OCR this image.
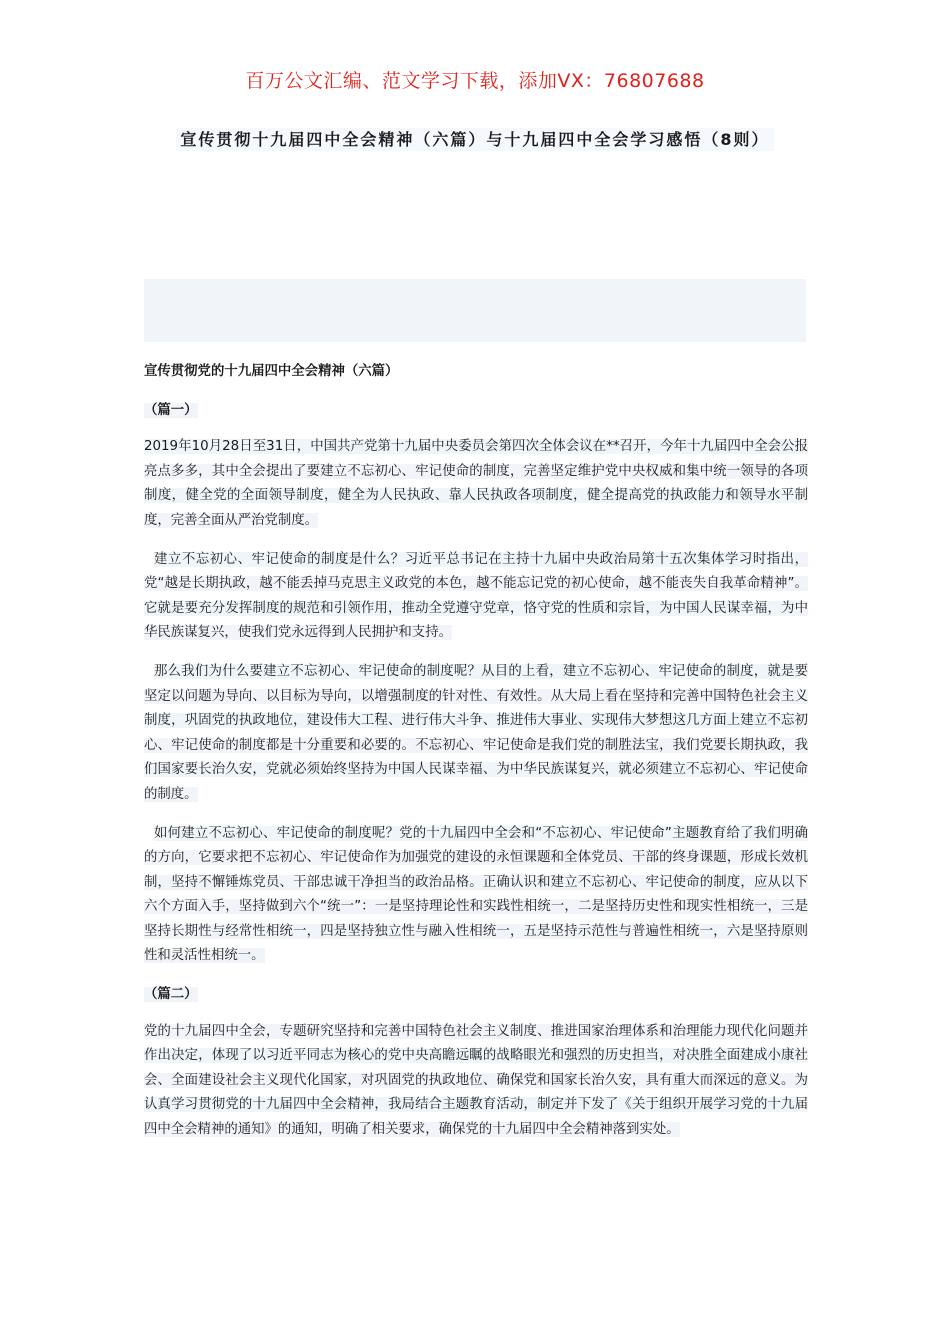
百万公文汇编、范文学习下载，添加VX：76807688
宣传贯彻十九届四中全会精神（六篇）与十九届四中全会学习感悟（8则）
宣传贯彻党的十九届四中全会精神（六篇）
（篇一）

2019年10月28日至31日，中国共产党第十九届中央委员会第四次全体会议在**召开，今年十九届四中全会公报亮点多多，其中全会提出了要建立不忘初心、牢记使命的制度，完善坚定维护党中央权威和集中统一领导的各项制度，健全党的全面领导制度，健全为人民执政、靠人民执政各项制度，健全提高党的执政能力和领导水平制度，完善全面从严治党制度。

建立不忘初心、牢记使命的制度是什么？习近平总书记在主持十九届中央政治局第十五次集体学习时指出，党“越是长期执政，越不能丢掉马克思主义政党的本色，越不能忘记党的初心使命，越不能丧失自我革命精神”。它就是要充分发挥制度的规范和引领作用，推动全党遵守党章，恪守党的性质和宗旨，为中国人民谋幸福，为中华民族谋复兴，使我们党永远得到人民拥护和支持。

那么我们为什么要建立不忘初心、牢记使命的制度呢？从目的上看，建立不忘初心、牢记使命的制度，就是要坚定以问题为导向、以目标为导向，以增强制度的针对性、有效性。从大局上看在坚持和完善中国特色社会主义制度，巩固党的执政地位，建设伟大工程、进行伟大斗争、推进伟大事业、实现伟大梦想这几方面上建立不忘初心、牢记使命的制度都是十分重要和必要的。不忘初心、牢记使命是我们党的制胜法宝，我们党要长期执政，我们国家要长治久安，党就必须始终坚持为中国人民谋幸福、为中华民族谋复兴，就必须建立不忘初心、牢记使命的制度。

如何建立不忘初心、牢记使命的制度呢？党的十九届四中全会和“不忘初心、牢记使命”主题教育给了我们明确的方向，它要求把不忘初心、牢记使命作为加强党的建设的永恒课题和全体党员、干部的终身课题，形成长效机制，坚持不懈锤炼党员、干部忠诚干净担当的政治品格。正确认识和建立不忘初心、牢记使命的制度，应从以下六个方面入手，坚持做到六个“统一”：一是坚持理论性和实践性相统一，二是坚持历史性和现实性相统一，三是坚持长期性与经常性相统一，四是坚持独立性与融入性相统一，五是坚持示范性与普遍性相统一，六是坚持原则性和灵活性相统一。

（篇二）

党的十九届四中全会，专题研究坚持和完善中国特色社会主义制度、推进国家治理体系和治理能力现代化问题并作出决定，体现了以习近平同志为核心的党中央高瞻远瞩的战略眼光和强烈的历史担当，对决胜全面建成小康社会、全面建设社会主义现代化国家，对巩固党的执政地位、确保党和国家长治久安，具有重大而深远的意义。为认真学习贯彻党的十九届四中全会精神，我局结合主题教育活动，制定并下发了《关于组织开展学习党的十九届四中全会精神的通知》的通知，明确了相关要求，确保党的十九届四中全会精神落到实处。
